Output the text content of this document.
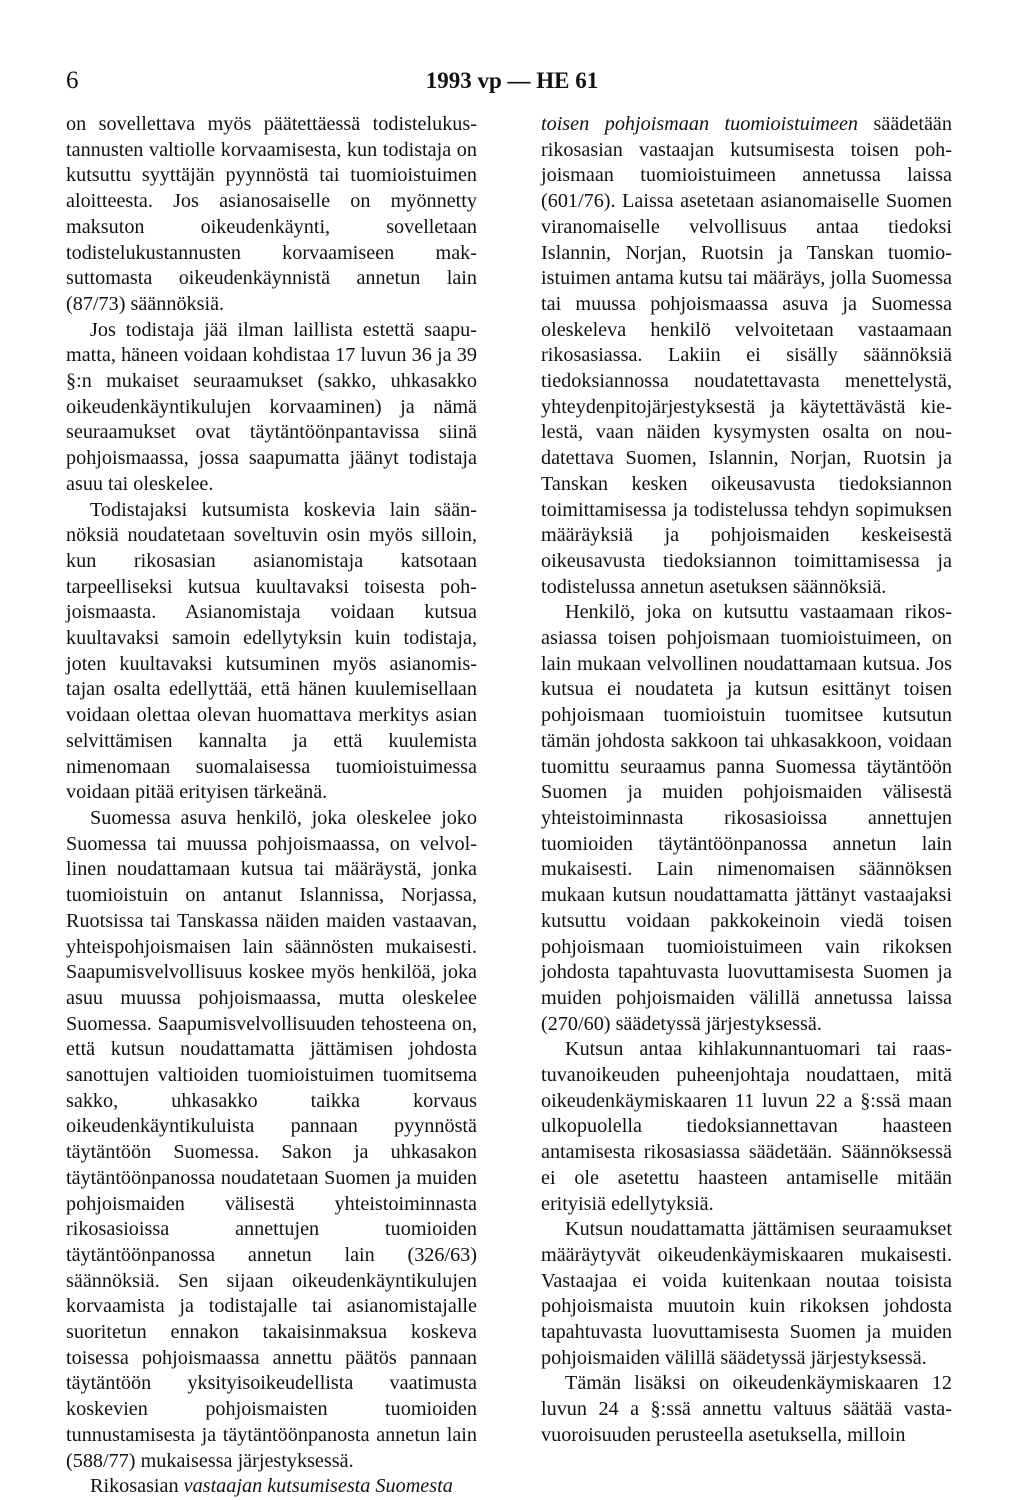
6	1993 vp — HE 61

on sovellettava myös päätettäessä todistelukustannusten valtiolle korvaamisesta, kun todistaja on kutsuttu syyttäjän pyynnöstä tai tuomioistuimen aloitteesta. Jos asianosaiselle on myönnetty maksuton oikeudenkäynti, sovelletaan todistelukustannusten korvaamiseen maksuttomasta oikeudenkäynnistä annetun lain (87/73) säännöksiä.

Jos todistaja jää ilman laillista estettä saapumatta, häneen voidaan kohdistaa 17 luvun 36 ja 39 §:n mukaiset seuraamukset (sakko, uhkasakko oikeudenkäyntikulujen korvaaminen) ja nämä seuraamukset ovat täytäntöönpantavissa siinä pohjoismaassa, jossa saapumatta jäänyt todistaja asuu tai oleskelee.

Todistajaksi kutsumista koskevia lain säännöksiä noudatetaan soveltuvin osin myös silloin, kun rikosasian asianomistaja katsotaan tarpeelliseksi kutsua kuultavaksi toisesta pohjoismaasta. Asianomistaja voidaan kutsua kuultavaksi samoin edellytyksin kuin todistaja, joten kuultavaksi kutsuminen myös asianomistajan osalta edellyttää, että hänen kuulemisellaan voidaan olettaa olevan huomattava merkitys asian selvittämisen kannalta ja että kuulemista nimenomaan suomalaisessa tuomioistuimessa voidaan pitää erityisen tärkeänä.

Suomessa asuva henkilö, joka oleskelee joko Suomessa tai muussa pohjoismaassa, on velvollinen noudattamaan kutsua tai määräystä, jonka tuomioistuin on antanut Islannissa, Norjassa, Ruotsissa tai Tanskassa näiden maiden vastaavan, yhteispohjoismaisen lain säännösten mukaisesti. Saapumisvelvollisuus koskee myös henkilöä, joka asuu muussa pohjoismaassa, mutta oleskelee Suomessa. Saapumisvelvollisuuden tehosteena on, että kutsun noudattamatta jättämisen johdosta sanottujen valtioiden tuomioistuimen tuomitsema sakko, uhkasakko taikka korvaus oikeudenkäyntikuluista pannaan pyynnöstä täytäntöön Suomessa. Sakon ja uhkasakon täytäntöönpanossa noudatetaan Suomen ja muiden pohjoismaiden välisestä yhteistoiminnasta rikosasioissa annettujen tuomioiden täytäntöönpanossa annetun lain (326/63) säännöksiä. Sen sijaan oikeudenkäyntikulujen korvaamista ja todistajalle tai asianomistajalle suoritetun ennakon takaisinmaksua koskeva toisessa pohjoismaassa annettu päätös pannaan täytäntöön yksityisoikeudellista vaatimusta koskevien pohjoismaisten tuomioiden tunnustamisesta ja täytäntöönpanosta annetun lain (588/77) mukaisessa järjestyksessä.

Rikosasian vastaajan kutsumisesta Suomesta

toisen pohjoismaan tuomioistuimeen säädetään rikosasian vastaajan kutsumisesta toisen pohjoismaan tuomioistuimeen annetussa laissa (601/76). Laissa asetetaan asianomaiselle Suomen viranomaiselle velvollisuus antaa tiedoksi Islannin, Norjan, Ruotsin ja Tanskan tuomioistuimen antama kutsu tai määräys, jolla Suomessa tai muussa pohjoismaassa asuva ja Suomessa oleskeleva henkilö velvoitetaan vastaamaan rikosasiassa. Lakiin ei sisälly säännöksiä tiedoksiannossa noudatettavasta menettelystä, yhteydenpitojärjestyksestä ja käytettävästä kielestä, vaan näiden kysymysten osalta on noudatettava Suomen, Islannin, Norjan, Ruotsin ja Tanskan kesken oikeusavusta tiedoksiannon toimittamisessa ja todistelussa tehdyn sopimuksen määräyksiä ja pohjoismaiden keskeisestä oikeusavusta tiedoksiannon toimittamisessa ja todistelussa annetun asetuksen säännöksiä.

Henkilö, joka on kutsuttu vastaamaan rikosasiassa toisen pohjoismaan tuomioistuimeen, on lain mukaan velvollinen noudattamaan kutsua. Jos kutsua ei noudateta ja kutsun esittänyt toisen pohjoismaan tuomioistuin tuomitsee kutsutun tämän johdosta sakkoon tai uhkasakkoon, voidaan tuomittu seuraamus panna Suomessa täytäntöön Suomen ja muiden pohjoismaiden välisestä yhteistoiminnasta rikosasioissa annettujen tuomioiden täytäntöönpanossa annetun lain mukaisesti. Lain nimenomaisen säännöksen mukaan kutsun noudattamatta jättänyt vastaajaksi kutsuttu voidaan pakkokeinoin viedä toisen pohjoismaan tuomioistuimeen vain rikoksen johdosta tapahtuvasta luovuttamisesta Suomen ja muiden pohjoismaiden välillä annetussa laissa (270/60) säädetyssä järjestyksessä.

Kutsun antaa kihlakunnantuomari tai raastuvanoikeuden puheenjohtaja noudattaen, mitä oikeudenkäymiskaaren 11 luvun 22 a §:ssä maan ulkopuolella tiedoksiannettavan haasteen antamisesta rikosasiassa säädetään. Säännöksessä ei ole asetettu haasteen antamiselle mitään erityisiä edellytyksiä.

Kutsun noudattamatta jättämisen seuraamukset määräytyvät oikeudenkäymiskaaren mukaisesti. Vastaajaa ei voida kuitenkaan noutaa toisista pohjoismaista muutoin kuin rikoksen johdosta tapahtuvasta luovuttamisesta Suomen ja muiden pohjoismaiden välillä säädetyssä järjestyksessä.

Tämän lisäksi on oikeudenkäymiskaaren 12 luvun 24 a §:ssä annettu valtuus säätää vastavuoroisuuden perusteella asetuksella, milloin
